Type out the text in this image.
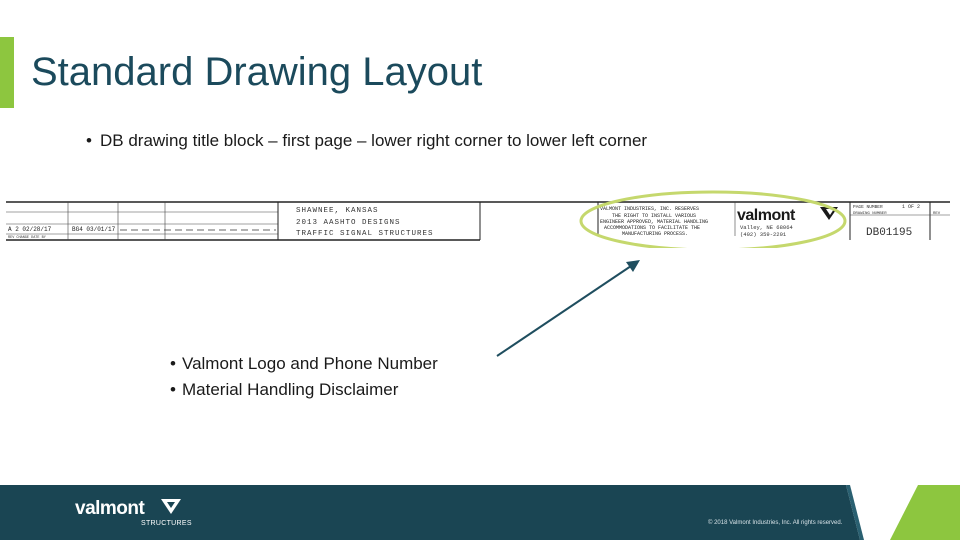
Standard Drawing Layout
• DB drawing title block – first page – lower right corner to lower left corner
A 2 02/28/17	BG4 03/01/17
REV CHANGE DATE BY
SHAWNEE, KANSAS
2013 AASHTO DESIGNS
TRAFFIC SIGNAL STRUCTURES
VALMONT INDUSTRIES, INC. RESERVES
THE RIGHT TO INSTALL VARIOUS
ENGINEER APPROVED, MATERIAL HANDLING
ACCOMMODATIONS TO FACILITATE THE
MANUFACTURING PROCESS.
valmont
Valley, NE 68064
(402) 359-2201
PAGE NUMBER	1 OF 2
DRAWING NUMBER	REV
DB01195
• Valmont Logo and Phone Number
• Material Handling Disclaimer
valmont
STRUCTURES	© 2018 Valmont Industries, Inc. All rights reserved.
